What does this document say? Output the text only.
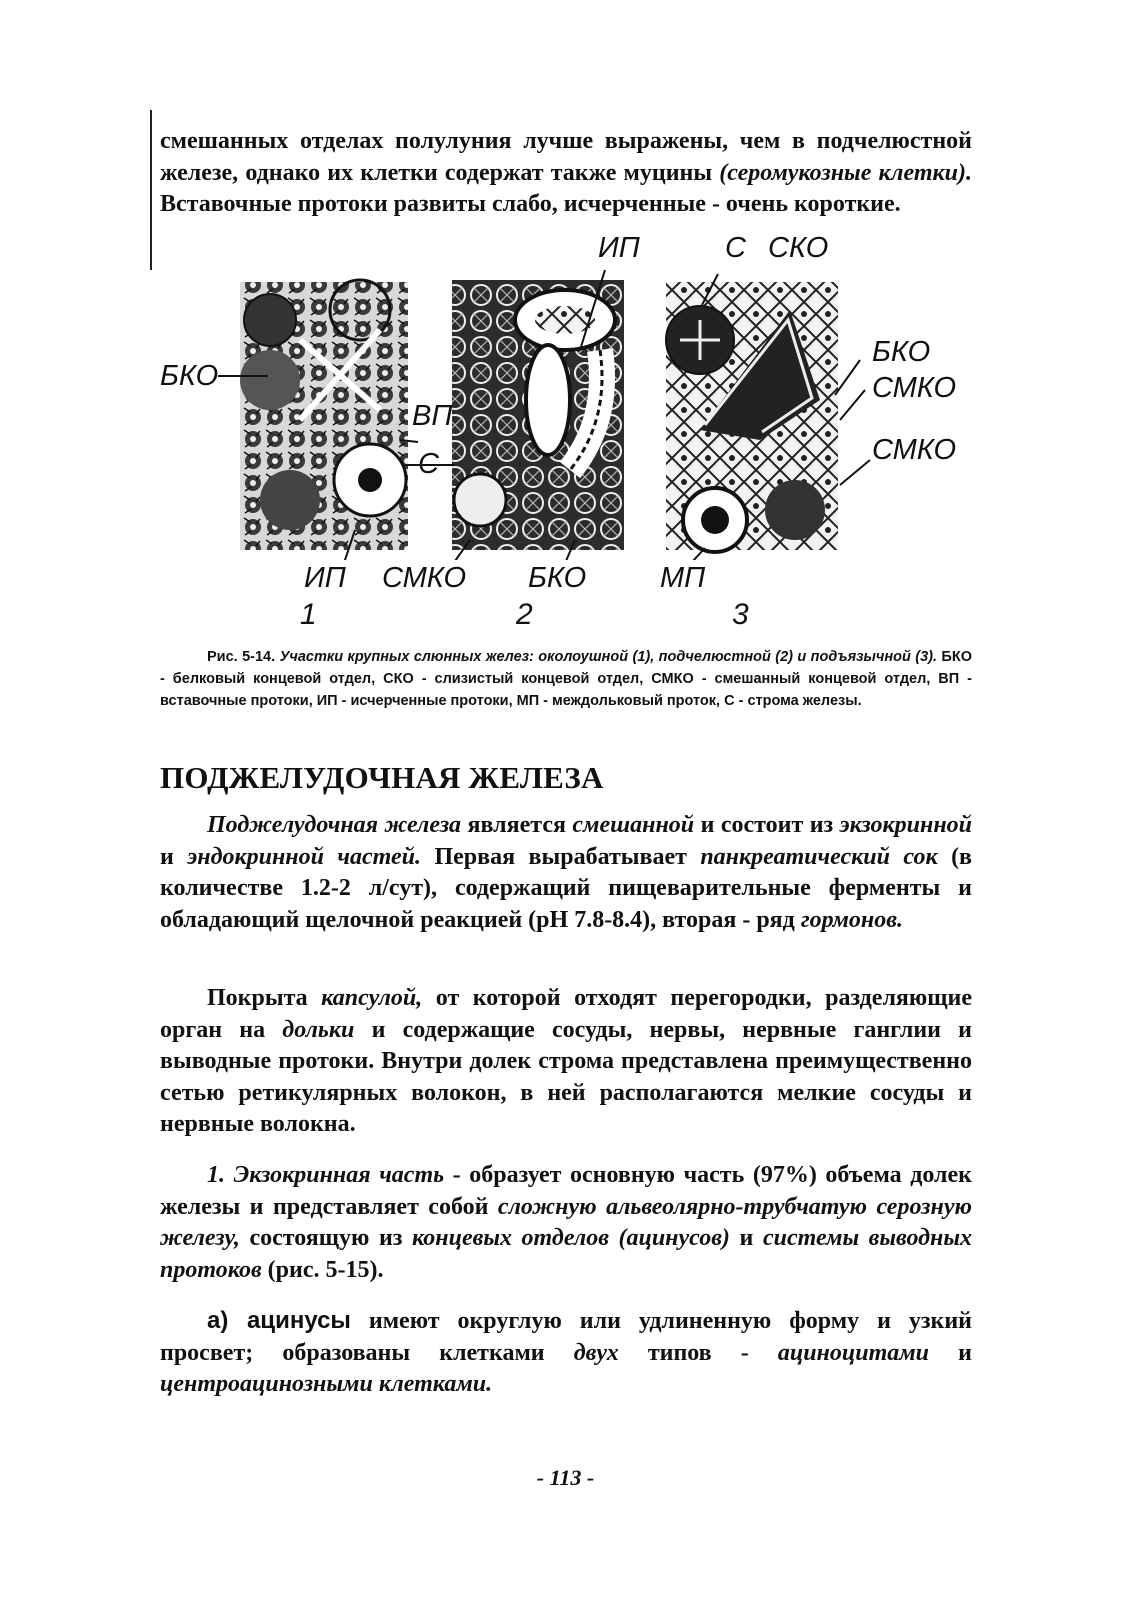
смешанных отделах полулуния лучше выражены, чем в подчелюстной железе, однако их клетки содержат также муцины (серомукозные клетки). Вставочные протоки развиты слабо, исчерченные - очень короткие.
БКО
ВП
С
ИП	С СКО
БКО
СМКО
СМКО
ИП СМКО БКО	МП
1	2	3
Рис. 5-14. Участки крупных слюнных желез: околоушной (1), подчелюстной (2) и подъязычной (3). БКО - белковый концевой отдел, СКО - слизистый концевой отдел, СМКО - смешанный концевой отдел, ВП - вставочные протоки, ИП - исчерченные протоки, МП - междольковый проток, С - строма железы.
ПОДЖЕЛУДОЧНАЯ ЖЕЛЕЗА
Поджелудочная железа является смешанной и состоит из экзокринной и эндокринной частей. Первая вырабатывает панкреатический сок (в количестве 1.2-2 л/сут), содержащий пищеварительные ферменты и обладающий щелочной реакцией (pH 7.8-8.4), вторая - ряд гормонов.
Покрыта капсулой, от которой отходят перегородки, разделяющие орган на дольки и содержащие сосуды, нервы, нервные ганглии и выводные протоки. Внутри долек строма представлена преимущественно сетью ретикулярных волокон, в ней располагаются мелкие сосуды и нервные волокна.
1. Экзокринная часть - образует основную часть (97%) объема долек железы и представляет собой сложную альвеолярно-трубчатую серозную железу, состоящую из концевых отделов (ацинусов) и системы выводных протоков (рис. 5-15).
а) ацинусы имеют округлую или удлиненную форму и узкий просвет; образованы клетками двух типов - ациноцитами и центроацинозными клетками.
- 113 -
